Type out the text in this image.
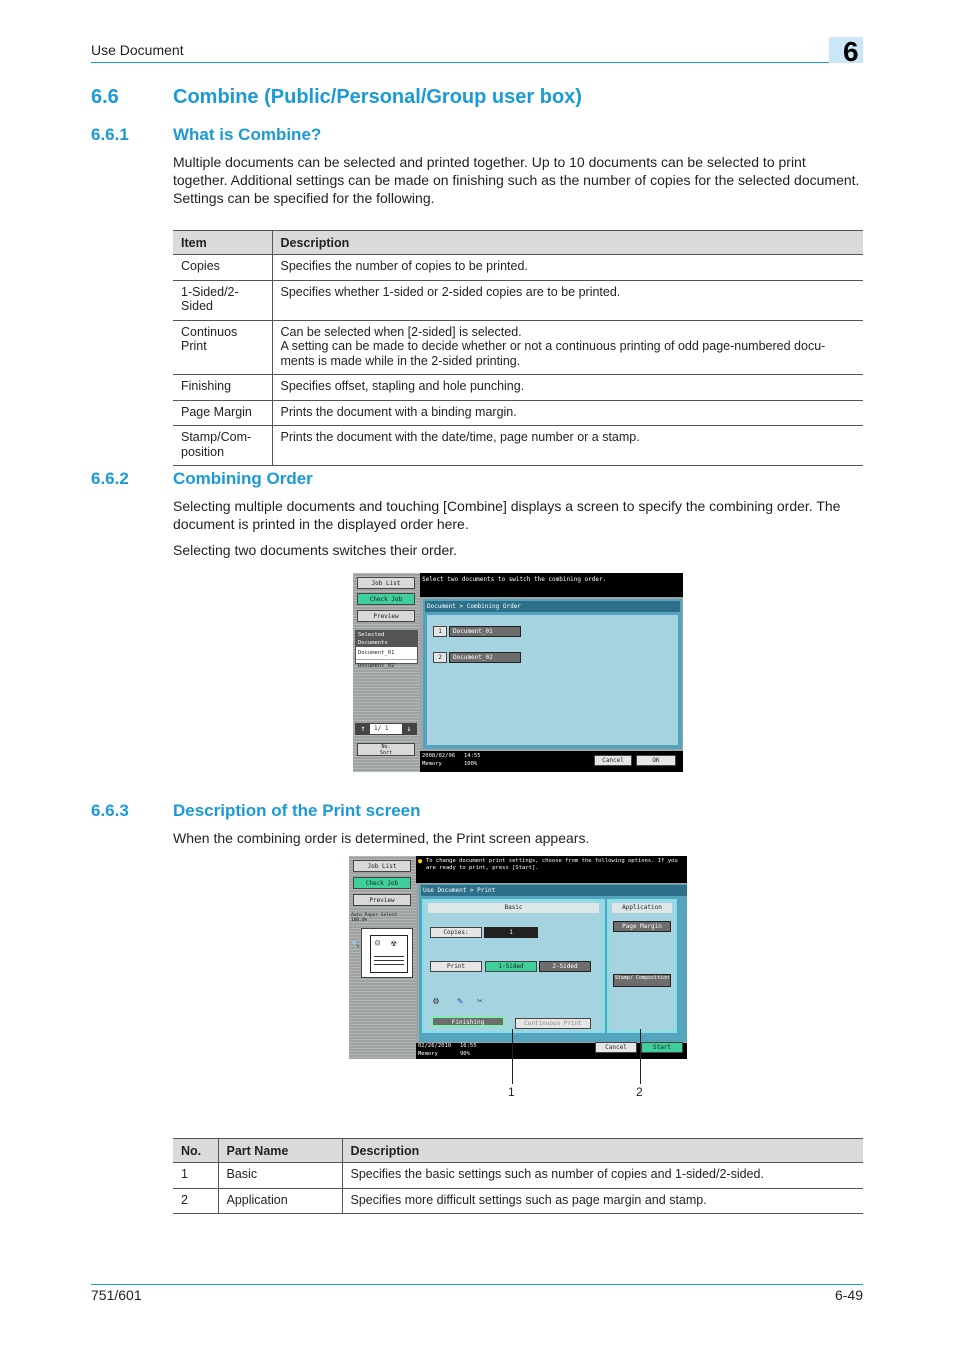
Use Document	6
6.6	Combine (Public/Personal/Group user box)
6.6.1	What is Combine?
Multiple documents can be selected and printed together. Up to 10 documents can be selected to print together. Additional settings can be made on finishing such as the number of copies for the selected document. Settings can be specified for the following.
Item	Description
Copies	Specifies the number of copies to be printed.
1-Sided/2-
Sided	Specifies whether 1-sided or 2-sided copies are to be printed.
Continuos
Print	Can be selected when [2-sided] is selected.
A setting can be made to decide whether or not a continuous printing of odd page-numbered docu-
ments is made while in the 2-sided printing.
Finishing	Specifies offset, stapling and hole punching.
Page Margin	Prints the document with a binding margin.
Stamp/Com-
position	Prints the document with the date/time, page number or a stamp.
6.6.2	Combining Order
Selecting multiple documents and touching [Combine] displays a screen to specify the combining order. The document is printed in the displayed order here.
Selecting two documents switches their order.
Job List
Check Job
Preview
Selected Documents
Document_01
Document_02
↑	1/ 1	↓
No.
Sort
Select two documents to switch the combining order.
Document > Combining Order
1	Document_01
2	Document_02
2008/02/06 14:55
Memory	100%	Cancel	OK
6.6.3	Description of the Print screen
When the combining order is determined, the Print screen appears.
Job List
Check Job
Preview
Auto Paper Select 100.0%
🔍 ☺ ☢
● To change document print settings, choose from the following options. If you are ready to print, press [Start].
Use Document > Print
Basic
Copies:	1
Print	1-Sided	2-Sided
⚙ ✎ ✂
Finishing	Continuous Print
Application
Page Margin
Stamp/ Composition
02/26/2010 16:55
Memory	90%
Cancel	Start
1	2
No.	Part Name	Description
1	Basic	Specifies the basic settings such as number of copies and 1-sided/2-sided.
2	Application	Specifies more difficult settings such as page margin and stamp.
751/601	6-49
